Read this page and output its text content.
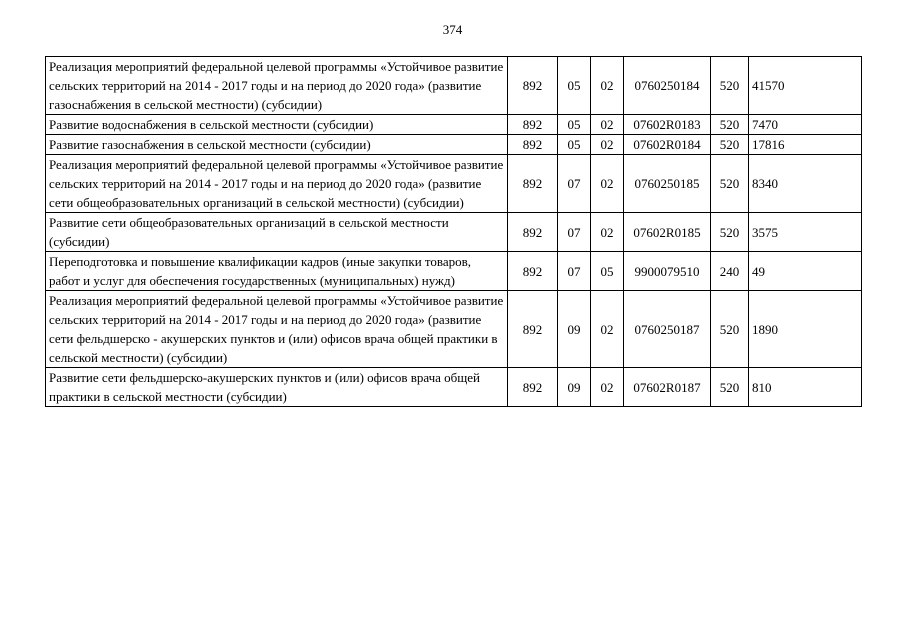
374
Реализация мероприятий федеральной целевой программы «Устойчивое развитие сельских территорий на 2014 - 2017 годы и на период до 2020 года» (развитие газоснабжения в сельской местности) (субсидии)	892	05	02	0760250184	520	41570
Развитие водоснабжения в сельской местности (субсидии)	892	05	02	07602R0183	520	7470
Развитие газоснабжения в сельской местности (субсидии)	892	05	02	07602R0184	520	17816
Реализация мероприятий федеральной целевой программы «Устойчивое развитие сельских территорий на 2014 - 2017 годы и на период до 2020 года» (развитие сети общеобразовательных организаций в сельской местности) (субсидии)	892	07	02	0760250185	520	8340
Развитие сети общеобразовательных организаций в сельской местности (субсидии)	892	07	02	07602R0185	520	3575
Переподготовка и повышение квалификации кадров (иные закупки товаров, работ и услуг для обеспечения государственных (муниципальных) нужд)	892	07	05	9900079510	240	49
Реализация мероприятий федеральной целевой программы «Устойчивое развитие сельских территорий на 2014 - 2017 годы и на период до 2020 года» (развитие сети фельдшерско - акушерских пунктов и (или) офисов врача общей практики в сельской местности) (субсидии)	892	09	02	0760250187	520	1890
Развитие сети фельдшерско-акушерских пунктов и (или) офисов врача общей практики в сельской местности (субсидии)	892	09	02	07602R0187	520	810
